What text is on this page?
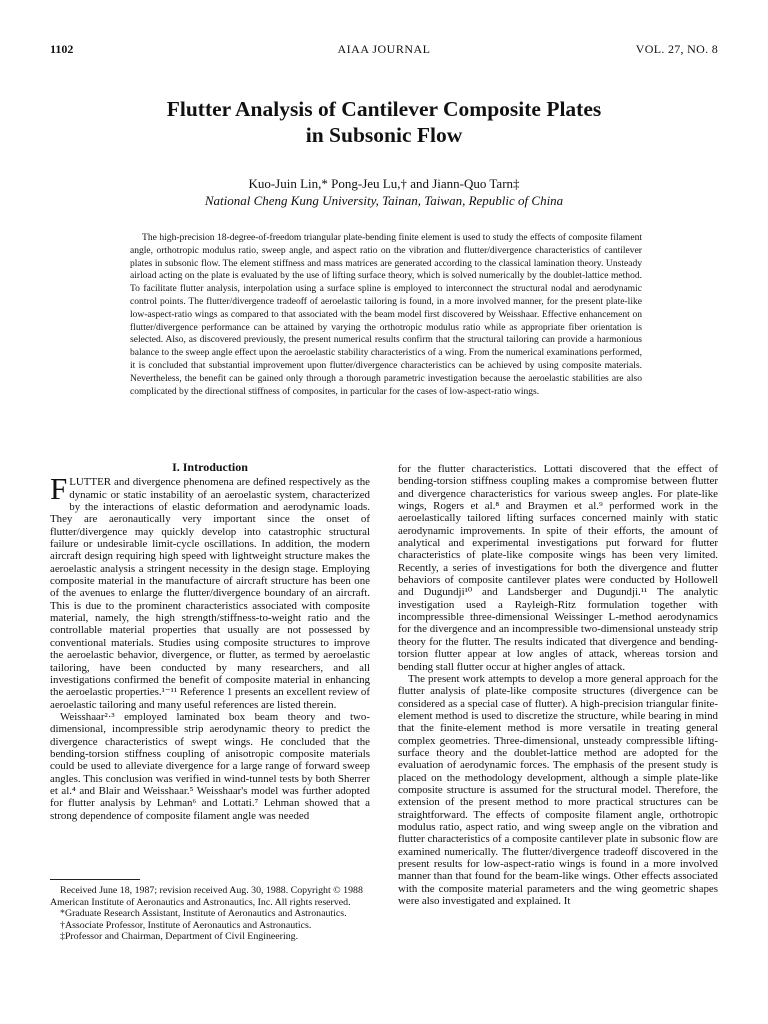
AIAA JOURNAL
1102	VOL. 27, NO. 8
Flutter Analysis of Cantilever Composite Plates
in Subsonic Flow
Kuo-Juin Lin,* Pong-Jeu Lu,† and Jiann-Quo Tarn‡
National Cheng Kung University, Tainan, Taiwan, Republic of China

The high-precision 18-degree-of-freedom triangular plate-bending finite element is used to study the effects of composite filament angle, orthotropic modulus ratio, sweep angle, and aspect ratio on the vibration and flutter/divergence characteristics of cantilever plates in subsonic flow. The element stiffness and mass matrices are generated according to the classical lamination theory. Unsteady airload acting on the plate is evaluated by the use of lifting surface theory, which is solved numerically by the doublet-lattice method. To facilitate flutter analysis, interpolation using a surface spline is employed to interconnect the structural nodal and aerodynamic control points. The flutter/divergence tradeoff of aeroelastic tailoring is found, in a more involved manner, for the present plate-like low-aspect-ratio wings as compared to that associated with the beam model first discovered by Weisshaar. Effective enhancement on flutter/divergence performance can be attained by varying the orthotropic modulus ratio while as appropriate fiber orientation is selected. Also, as discovered previously, the present numerical results confirm that the structural tailoring can provide a harmonious balance to the sweep angle effect upon the aeroelastic stability characteristics of a wing. From the numerical examinations performed, it is concluded that substantial improvement upon flutter/divergence characteristics can be achieved by using composite materials. Nevertheless, the benefit can be gained only through a thorough parametric investigation because the aeroelastic stabilities are also complicated by the directional stiffness of composites, in particular for the cases of low-aspect-ratio wings.

I. Introduction

FLUTTER and divergence phenomena are defined respectively as the dynamic or static instability of an aeroelastic system, characterized by the interactions of elastic deformation and aerodynamic loads. They are aeronautically very important since the onset of flutter/divergence may quickly develop into catastrophic structural failure or undesirable limit-cycle oscillations. In addition, the modern aircraft design requiring high speed with lightweight structure makes the aeroelastic analysis a stringent necessity in the design stage. Employing composite material in the manufacture of aircraft structure has been one of the avenues to enlarge the flutter/divergence boundary of an aircraft. This is due to the prominent characteristics associated with composite material, namely, the high strength/stiffness-to-weight ratio and the controllable material properties that usually are not possessed by conventional materials. Studies using composite structures to improve the aeroelastic behavior, divergence, or flutter, as termed by aeroelastic tailoring, have been conducted by many researchers, and all investigations confirmed the benefit of composite material in enhancing the aeroelastic properties.¹⁻¹¹ Reference 1 presents an excellent review of aeroelastic tailoring and many useful references are listed therein.

Weisshaar²·³ employed laminated box beam theory and two-dimensional, incompressible strip aerodynamic theory to predict the divergence characteristics of swept wings. He concluded that the bending-torsion stiffness coupling of anisotropic composite materials could be used to alleviate divergence for a large range of forward sweep angles. This conclusion was verified in wind-tunnel tests by both Sherrer et al.⁴ and Blair and Weisshaar.⁵ Weisshaar's model was further adopted for flutter analysis by Lehman⁶ and Lottati.⁷ Lehman showed that a strong dependence of composite filament angle was needed

for the flutter characteristics. Lottati discovered that the effect of bending-torsion stiffness coupling makes a compromise between flutter and divergence characteristics for various sweep angles. For plate-like wings, Rogers et al.⁸ and Braymen et al.⁹ performed work in the aeroelastically tailored lifting surfaces concerned mainly with static aerodynamic improvements. In spite of their efforts, the amount of analytical and experimental investigations put forward for flutter characteristics of plate-like composite wings has been very limited. Recently, a series of investigations for both the divergence and flutter behaviors of composite cantilever plates were conducted by Hollowell and Dugundji¹⁰ and Landsberger and Dugundji.¹¹ The analytic investigation used a Rayleigh-Ritz formulation together with incompressible three-dimensional Weissinger L-method aerodynamics for the divergence and an incompressible two-dimensional unsteady strip theory for the flutter. The results indicated that divergence and bending-torsion flutter appear at low angles of attack, whereas torsion and bending stall flutter occur at higher angles of attack.

The present work attempts to develop a more general approach for the flutter analysis of plate-like composite structures (divergence can be considered as a special case of flutter). A high-precision triangular finite-element method is used to discretize the structure, while bearing in mind that the finite-element method is more versatile in treating general complex geometries. Three-dimensional, unsteady compressible lifting-surface theory and the doublet-lattice method are adopted for the evaluation of aerodynamic forces. The emphasis of the present study is placed on the methodology development, although a simple plate-like composite structure is assumed for the structural model. Therefore, the extension of the present method to more practical structures can be straightforward. The effects of composite filament angle, orthotropic modulus ratio, aspect ratio, and wing sweep angle on the vibration and flutter characteristics of a composite cantilever plate in subsonic flow are examined numerically. The flutter/divergence tradeoff discovered in the present results for low-aspect-ratio wings is found in a more involved manner than that found for the beam-like wings. Other effects associated with the composite material parameters and the wing geometric shapes were also investigated and explained. It

Received June 18, 1987; revision received Aug. 30, 1988. Copyright © 1988 American Institute of Aeronautics and Astronautics, Inc. All rights reserved.

*Graduate Research Assistant, Institute of Aeronautics and Astronautics.

†Associate Professor, Institute of Aeronautics and Astronautics.

‡Professor and Chairman, Department of Civil Engineering.
